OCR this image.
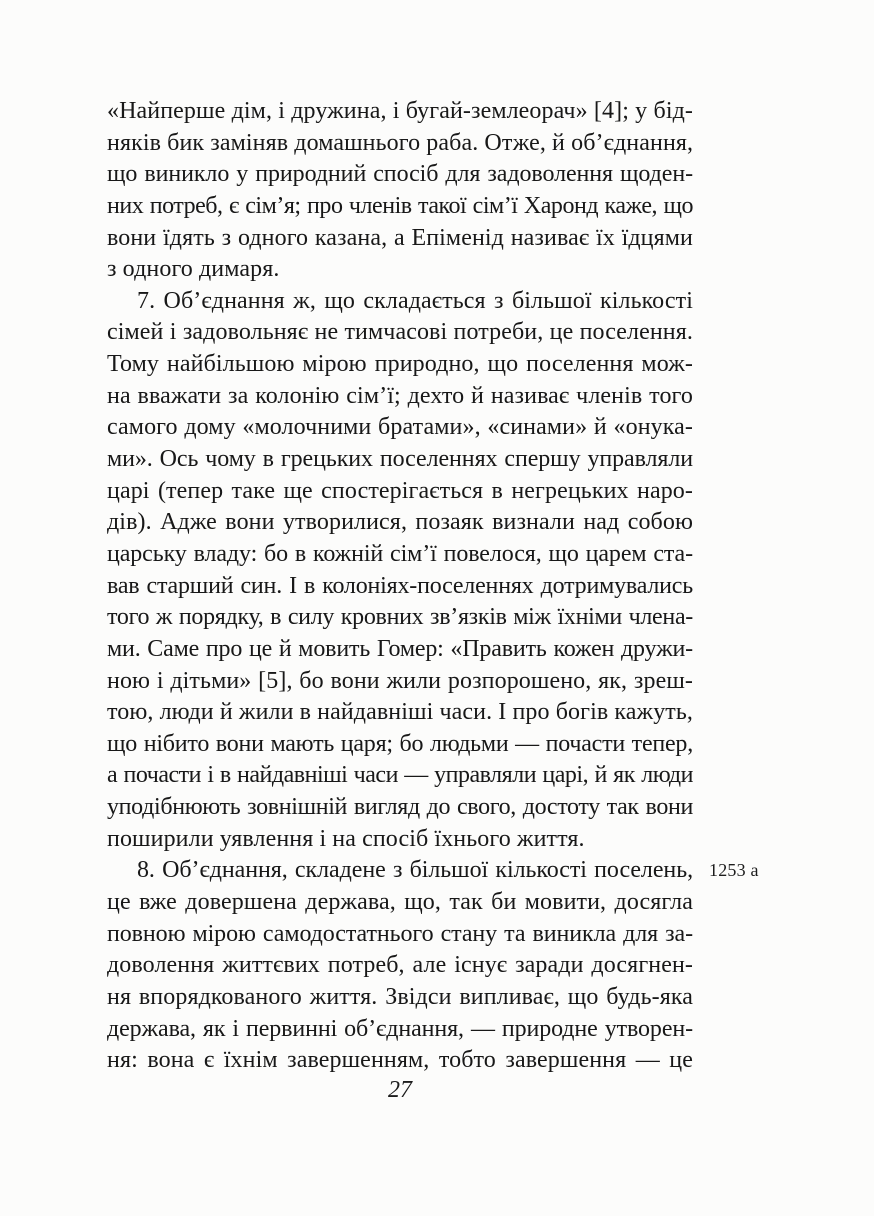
«Найперше дім, і дружина, і бугай-землеорач» [4]; у бід-
няків бик заміняв домашнього раба. Отже, й об’єднання,
що виникло у природний спосіб для задоволення щоден-
них потреб, є сім’я; про членів такої сім’ї Харонд каже, що
вони їдять з одного казана, а Епіменід називає їх їдцями
з одного димаря.
7. Об’єднання ж, що складається з більшої кількості
сімей і задовольняє не тимчасові потреби, це поселення.
Тому найбільшою мірою природно, що поселення мож-
на вважати за колонію сім’ї; дехто й називає членів того
самого дому «молочними братами», «синами» й «онука-
ми». Ось чому в грецьких поселеннях спершу управляли
царі (тепер таке ще спостерігається в негрецьких наро-
дів). Адже вони утворилися, позаяк визнали над собою
царську владу: бо в кожній сім’ї повелося, що царем ста-
вав старший син. І в колоніях-поселеннях дотримувались
того ж порядку, в силу кровних зв’язків між їхніми члена-
ми. Саме про це й мовить Гомер: «Править кожен дружи-
ною і дітьми» [5], бо вони жили розпорошено, як, зреш-
тою, люди й жили в найдавніші часи. І про богів кажуть,
що нібито вони мають царя; бо людьми — почасти тепер,
а почасти і в найдавніші часи — управляли царі, й як люди
уподібнюють зовнішній вигляд до свого, достоту так вони
поширили уявлення і на спосіб їхнього життя.
8. Об’єднання, складене з більшої кількості поселень,
це вже довершена держава, що, так би мовити, досягла
повною мірою самодостатнього стану та виникла для за-
доволення життєвих потреб, але існує заради досягнен-
ня впорядкованого життя. Звідси випливає, що будь-яка
держава, як і первинні об’єднання, — природне утворен-
ня: вона є їхнім завершенням, тобто завершення — це
1253 a
27
